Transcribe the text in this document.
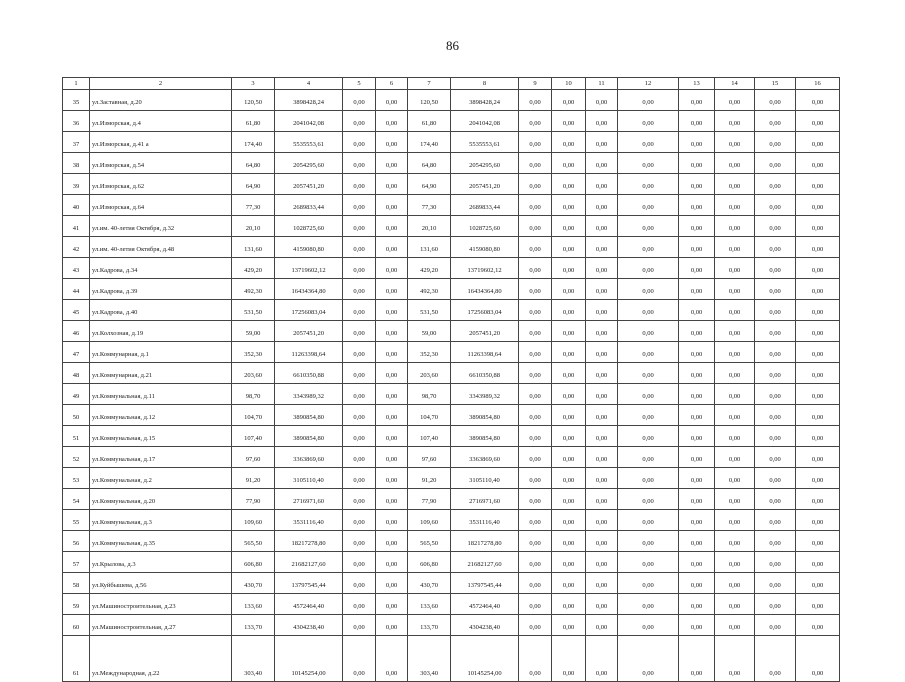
86
1	2	3	4	5	6	7	8	9	10	11	12	13	14	15	16
35	ул.Заставная, д.20	120,50	3898428,24	0,00	0,00	120,50	3898428,24	0,00	0,00	0,00	0,00	0,00	0,00	0,00	0,00
36	ул.Изморская, д.4	61,80	2041042,08	0,00	0,00	61,80	2041042,08	0,00	0,00	0,00	0,00	0,00	0,00	0,00	0,00
37	ул.Изморская, д.41 а	174,40	5535553,61	0,00	0,00	174,40	5535553,61	0,00	0,00	0,00	0,00	0,00	0,00	0,00	0,00
38	ул.Изморская, д.54	64,80	2054295,60	0,00	0,00	64,80	2054295,60	0,00	0,00	0,00	0,00	0,00	0,00	0,00	0,00
39	ул.Изморская, д.62	64,90	2057451,20	0,00	0,00	64,90	2057451,20	0,00	0,00	0,00	0,00	0,00	0,00	0,00	0,00
40	ул.Изморская, д.64	77,30	2689833,44	0,00	0,00	77,30	2689833,44	0,00	0,00	0,00	0,00	0,00	0,00	0,00	0,00
41	ул.им. 40-летия Октября, д.32	20,10	1028725,60	0,00	0,00	20,10	1028725,60	0,00	0,00	0,00	0,00	0,00	0,00	0,00	0,00
42	ул.им. 40-летия Октября, д.48	131,60	4159080,80	0,00	0,00	131,60	4159080,80	0,00	0,00	0,00	0,00	0,00	0,00	0,00	0,00
43	ул.Кадрова, д.34	429,20	13719602,12	0,00	0,00	429,20	13719602,12	0,00	0,00	0,00	0,00	0,00	0,00	0,00	0,00
44	ул.Кадрова, д.39	492,30	16434364,80	0,00	0,00	492,30	16434364,80	0,00	0,00	0,00	0,00	0,00	0,00	0,00	0,00
45	ул.Кадрова, д.40	531,50	17256083,04	0,00	0,00	531,50	17256083,04	0,00	0,00	0,00	0,00	0,00	0,00	0,00	0,00
46	ул.Колхозная, д.19	59,00	2057451,20	0,00	0,00	59,00	2057451,20	0,00	0,00	0,00	0,00	0,00	0,00	0,00	0,00
47	ул.Коммунарная, д.1	352,30	11263398,64	0,00	0,00	352,30	11263398,64	0,00	0,00	0,00	0,00	0,00	0,00	0,00	0,00
48	ул.Коммунарная, д.21	203,60	6610350,88	0,00	0,00	203,60	6610350,88	0,00	0,00	0,00	0,00	0,00	0,00	0,00	0,00
49	ул.Коммунальная, д.11	98,70	3343989,32	0,00	0,00	98,70	3343989,32	0,00	0,00	0,00	0,00	0,00	0,00	0,00	0,00
50	ул.Коммунальная, д.12	104,70	3890854,80	0,00	0,00	104,70	3890854,80	0,00	0,00	0,00	0,00	0,00	0,00	0,00	0,00
51	ул.Коммунальная, д.15	107,40	3890854,80	0,00	0,00	107,40	3890854,80	0,00	0,00	0,00	0,00	0,00	0,00	0,00	0,00
52	ул.Коммунальная, д.17	97,60	3363869,60	0,00	0,00	97,60	3363869,60	0,00	0,00	0,00	0,00	0,00	0,00	0,00	0,00
53	ул.Коммунальная, д.2	91,20	3105110,40	0,00	0,00	91,20	3105110,40	0,00	0,00	0,00	0,00	0,00	0,00	0,00	0,00
54	ул.Коммунальная, д.20	77,90	2716971,60	0,00	0,00	77,90	2716971,60	0,00	0,00	0,00	0,00	0,00	0,00	0,00	0,00
55	ул.Коммунальная, д.3	109,60	3531116,40	0,00	0,00	109,60	3531116,40	0,00	0,00	0,00	0,00	0,00	0,00	0,00	0,00
56	ул.Коммунальная, д.35	565,50	18217278,80	0,00	0,00	565,50	18217278,80	0,00	0,00	0,00	0,00	0,00	0,00	0,00	0,00
57	ул.Крылова, д.3	606,80	21682127,60	0,00	0,00	606,80	21682127,60	0,00	0,00	0,00	0,00	0,00	0,00	0,00	0,00
58	ул.Куйбышева, д.56	430,70	13797545,44	0,00	0,00	430,70	13797545,44	0,00	0,00	0,00	0,00	0,00	0,00	0,00	0,00
59	ул.Машиностроительная, д.23	133,60	4572464,40	0,00	0,00	133,60	4572464,40	0,00	0,00	0,00	0,00	0,00	0,00	0,00	0,00
60	ул.Машиностроительная, д.27	133,70	4304238,40	0,00	0,00	133,70	4304238,40	0,00	0,00	0,00	0,00	0,00	0,00	0,00	0,00
61	ул.Международная, д.22	303,40	10145254,00	0,00	0,00	303,40	10145254,00	0,00	0,00	0,00	0,00	0,00	0,00	0,00	0,00
